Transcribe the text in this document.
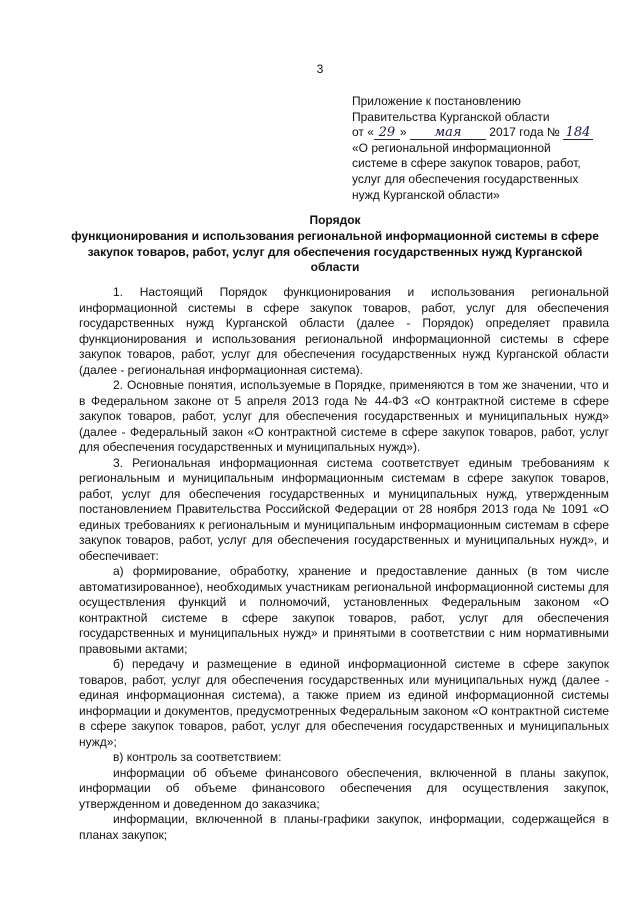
3
Приложение к постановлению
Правительства Курганской области
от « 29 » мая 2017 года № 184
«О региональной информационной
системе в сфере закупок товаров, работ,
услуг для обеспечения государственных
нужд Курганской области»
Порядок
функционирования и использования региональной информационной системы в сфере закупок товаров, работ, услуг для обеспечения государственных нужд Курганской области

1. Настоящий Порядок функционирования и использования региональной информационной системы в сфере закупок товаров, работ, услуг для обеспечения государственных нужд Курганской области (далее - Порядок) определяет правила функционирования и использования региональной информационной системы в сфере закупок товаров, работ, услуг для обеспечения государственных нужд Курганской области (далее - региональная информационная система).

2. Основные понятия, используемые в Порядке, применяются в том же значении, что и в Федеральном законе от 5 апреля 2013 года № 44-ФЗ «О контрактной системе в сфере закупок товаров, работ, услуг для обеспечения государственных и муниципальных нужд» (далее - Федеральный закон «О контрактной системе в сфере закупок товаров, работ, услуг для обеспечения государственных и муниципальных нужд»).

3. Региональная информационная система соответствует единым требованиям к региональным и муниципальным информационным системам в сфере закупок товаров, работ, услуг для обеспечения государственных и муниципальных нужд, утвержденным постановлением Правительства Российской Федерации от 28 ноября 2013 года № 1091 «О единых требованиях к региональным и муниципальным информационным системам в сфере закупок товаров, работ, услуг для обеспечения государственных и муниципальных нужд», и обеспечивает:

а) формирование, обработку, хранение и предоставление данных (в том числе автоматизированное), необходимых участникам региональной информационной системы для осуществления функций и полномочий, установленных Федеральным законом «О контрактной системе в сфере закупок товаров, работ, услуг для обеспечения государственных и муниципальных нужд» и принятыми в соответствии с ним нормативными правовыми актами;

б) передачу и размещение в единой информационной системе в сфере закупок товаров, работ, услуг для обеспечения государственных или муниципальных нужд (далее - единая информационная система), а также прием из единой информационной системы информации и документов, предусмотренных Федеральным законом «О контрактной системе в сфере закупок товаров, работ, услуг для обеспечения государственных и муниципальных нужд»;

в) контроль за соответствием:

информации об объеме финансового обеспечения, включенной в планы закупок, информации об объеме финансового обеспечения для осуществления закупок, утвержденном и доведенном до заказчика;

информации, включенной в планы-графики закупок, информации, содержащейся в планах закупок;
